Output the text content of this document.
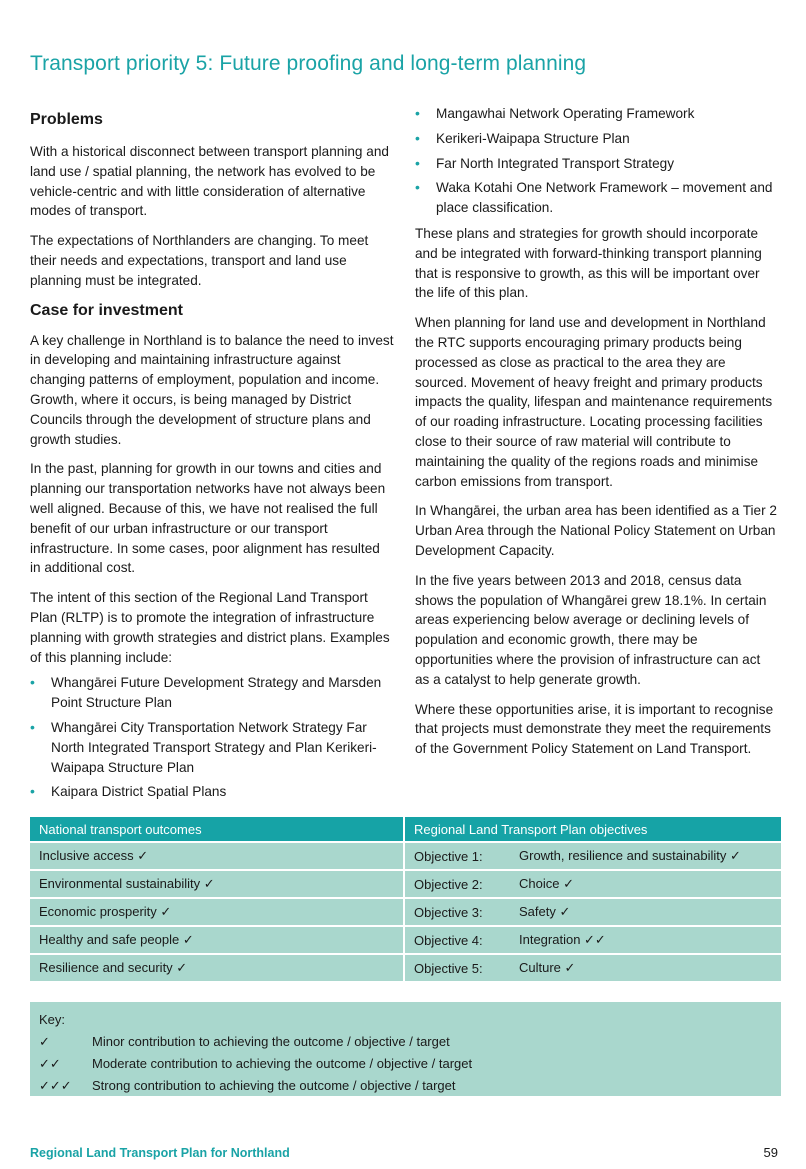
Transport priority 5: Future proofing and long-term planning
Problems

With a historical disconnect between transport planning and land use / spatial planning, the network has evolved to be vehicle-centric and with little consideration of alternative modes of transport.

The expectations of Northlanders are changing. To meet their needs and expectations, transport and land use planning must be integrated.

Case for investment

A key challenge in Northland is to balance the need to invest in developing and maintaining infrastructure against changing patterns of employment, population and income. Growth, where it occurs, is being managed by District Councils through the development of structure plans and growth studies.

In the past, planning for growth in our towns and cities and planning our transportation networks have not always been well aligned. Because of this, we have not realised the full benefit of our urban infrastructure or our transport infrastructure. In some cases, poor alignment has resulted in additional cost.

The intent of this section of the Regional Land Transport Plan (RLTP) is to promote the integration of infrastructure planning with growth strategies and district plans. Examples of this planning include:

• Whangārei Future Development Strategy and Marsden Point Structure Plan
• Whangārei City Transportation Network Strategy Far North Integrated Transport Strategy and Plan Kerikeri-Waipapa Structure Plan
• Kaipara District Spatial Plans
• Mangawhai Network Operating Framework
• Kerikeri-Waipapa Structure Plan
• Far North Integrated Transport Strategy
• Waka Kotahi One Network Framework – movement and place classification.

These plans and strategies for growth should incorporate and be integrated with forward-thinking transport planning that is responsive to growth, as this will be important over the life of this plan.

When planning for land use and development in Northland the RTC supports encouraging primary products being processed as close as practical to the area they are sourced. Movement of heavy freight and primary products impacts the quality, lifespan and maintenance requirements of our roading infrastructure. Locating processing facilities close to their source of raw material will contribute to maintaining the quality of the regions roads and minimise carbon emissions from transport.

In Whangārei, the urban area has been identified as a Tier 2 Urban Area through the National Policy Statement on Urban Development Capacity.

In the five years between 2013 and 2018, census data shows the population of Whangārei grew 18.1%. In certain areas experiencing below average or declining levels of population and economic growth, there may be opportunities where the provision of infrastructure can act as a catalyst to help generate growth.

Where these opportunities arise, it is important to recognise that projects must demonstrate they meet the requirements of the Government Policy Statement on Land Transport.

National transport outcomes	Regional Land Transport Plan objectives
Inclusive access ✓	Objective 1:	Growth, resilience and sustainability ✓
Environmental sustainability ✓	Objective 2:	Choice ✓
Economic prosperity ✓	Objective 3:	Safety ✓
Healthy and safe people ✓	Objective 4:	Integration ✓✓
Resilience and security ✓	Objective 5:	Culture ✓
Key:
✓	Minor contribution to achieving the outcome / objective / target
✓✓	Moderate contribution to achieving the outcome / objective / target
✓✓✓	Strong contribution to achieving the outcome / objective / target
Regional Land Transport Plan for Northland	59
